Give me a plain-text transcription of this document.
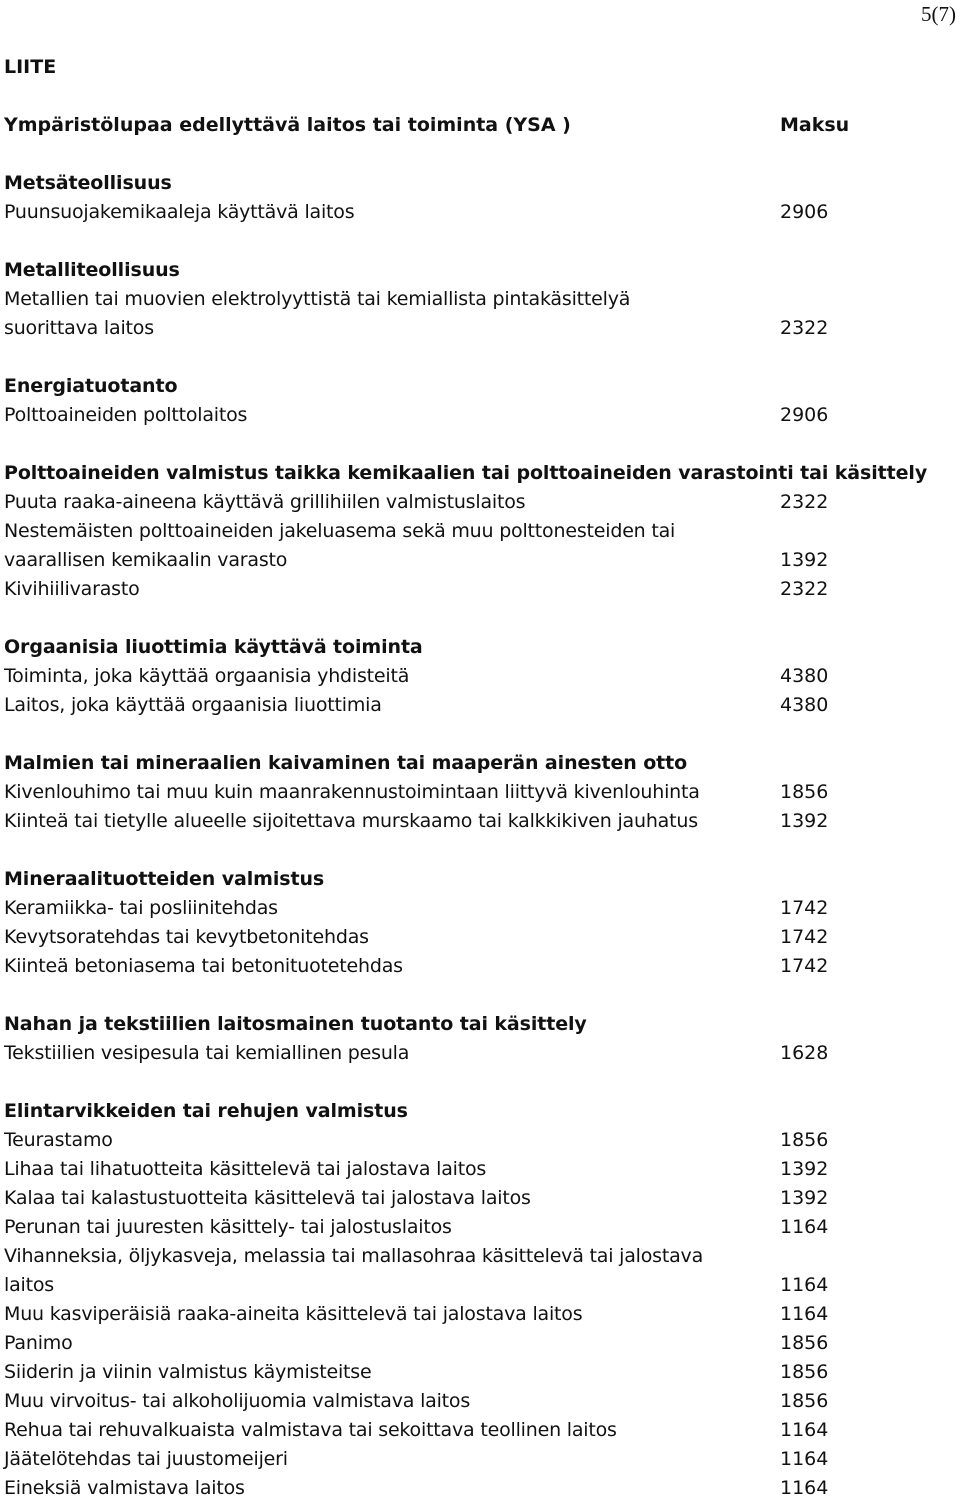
5(7)
LIITE
Ympäristölupaa edellyttävä laitos tai toiminta (YSA )	Maksu
Metsäteollisuus
Puunsuojakemikaaleja käyttävä laitos	2906
Metalliteollisuus
Metallien tai muovien elektrolyyttistä tai kemiallista pintakäsittelyä
suorittava laitos	2322
Energiatuotanto
Polttoaineiden polttolaitos	2906
Polttoaineiden valmistus taikka kemikaalien tai polttoaineiden varastointi tai käsittely
Puuta raaka-aineena käyttävä grillihiilen valmistuslaitos	2322
Nestemäisten polttoaineiden jakeluasema sekä muu polttonesteiden tai
vaarallisen kemikaalin varasto	1392
Kivihiilivarasto	2322
Orgaanisia liuottimia käyttävä toiminta
Toiminta, joka käyttää orgaanisia yhdisteitä	4380
Laitos, joka käyttää orgaanisia liuottimia	4380
Malmien tai mineraalien kaivaminen tai maaperän ainesten otto
Kivenlouhimo tai muu kuin maanrakennustoimintaan liittyvä kivenlouhinta	1856
Kiinteä tai tietylle alueelle sijoitettava murskaamo tai kalkkikiven jauhatus	1392
Mineraalituotteiden valmistus
Keramiikka- tai posliinitehdas	1742
Kevytsoratehdas tai kevytbetonitehdas	1742
Kiinteä betoniasema tai betonituotetehdas	1742
Nahan ja tekstiilien laitosmainen tuotanto tai käsittely
Tekstiilien vesipesula tai kemiallinen pesula	1628
Elintarvikkeiden tai rehujen valmistus
Teurastamo	1856
Lihaa tai lihatuotteita käsittelevä tai jalostava laitos	1392
Kalaa tai kalastustuotteita käsittelevä tai jalostava laitos	1392
Perunan tai juuresten käsittely- tai jalostuslaitos	1164
Vihanneksia, öljykasveja, melassia tai mallasohraa käsittelevä tai jalostava
laitos	1164
Muu kasviperäisiä raaka-aineita käsittelevä tai jalostava laitos	1164
Panimo	1856
Siiderin ja viinin valmistus käymisteitse	1856
Muu virvoitus- tai alkoholijuomia valmistava laitos	1856
Rehua tai rehuvalkuaista valmistava tai sekoittava teollinen laitos	1164
Jäätelötehdas tai juustomeijeri	1164
Eineksiä valmistava laitos	1164
